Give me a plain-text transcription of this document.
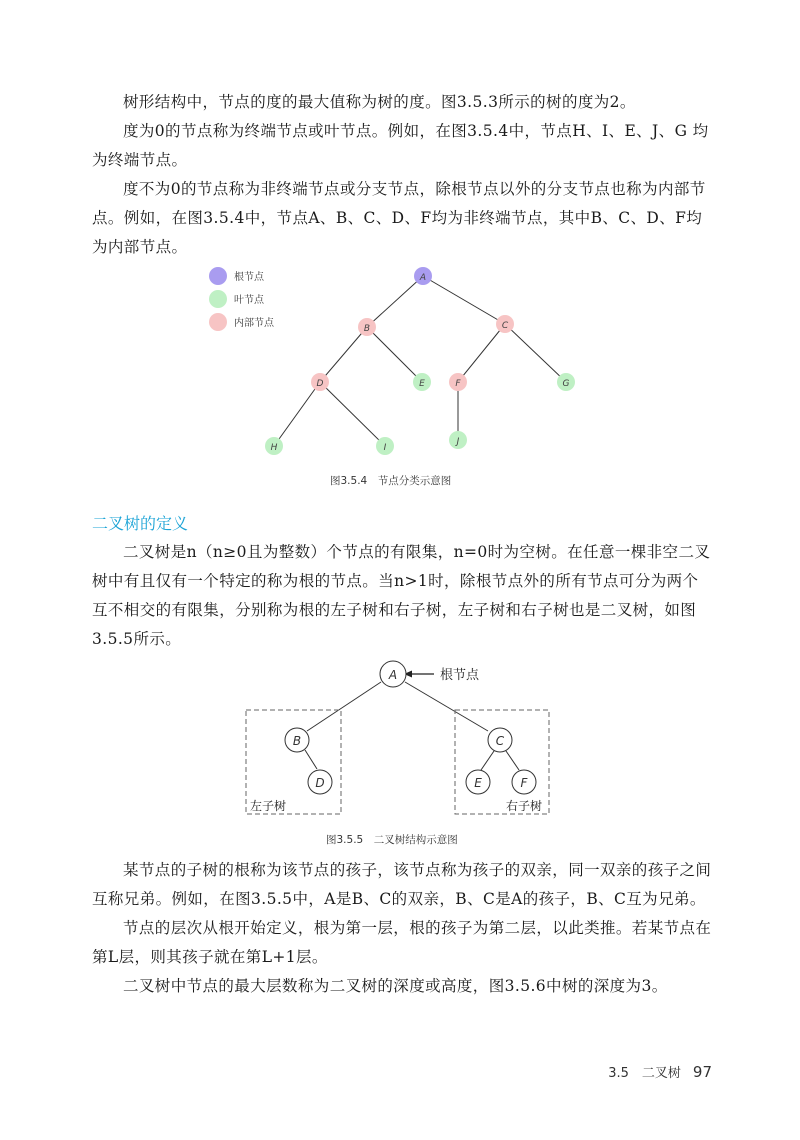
树形结构中，节点的度的最大值称为树的度。图3.5.3所示的树的度为2。

度为0的节点称为终端节点或叶节点。例如，在图3.5.4中，节点H、I、E、J、G 均为终端节点。

度不为0的节点称为非终端节点或分支节点，除根节点以外的分支节点也称为内部节点。例如，在图3.5.4中，节点A、B、C、D、F均为非终端节点，其中B、C、D、F均为内部节点。

根节点
叶节点
内部节点
A
B	C
D	E	F	G
H	I
J
图3.5.4　节点分类示意图
二叉树的定义

二叉树是n（n≥0且为整数）个节点的有限集，n=0时为空树。在任意一棵非空二叉树中有且仅有一个特定的称为根的节点。当n>1时，除根节点外的所有节点可分为两个互不相交的有限集，分别称为根的左子树和右子树，左子树和右子树也是二叉树，如图3.5.5所示。

根节点
A
B
D
C
E	F
左子树	右子树
图3.5.5　二叉树结构示意图

某节点的子树的根称为该节点的孩子，该节点称为孩子的双亲，同一双亲的孩子之间互称兄弟。例如，在图3.5.5中，A是B、C的双亲，B、C是A的孩子，B、C互为兄弟。

节点的层次从根开始定义，根为第一层，根的孩子为第二层，以此类推。若某节点在第L层，则其孩子就在第L+1层。

二叉树中节点的最大层数称为二叉树的深度或高度，图3.5.6中树的深度为3。

3.5　二叉树 97
